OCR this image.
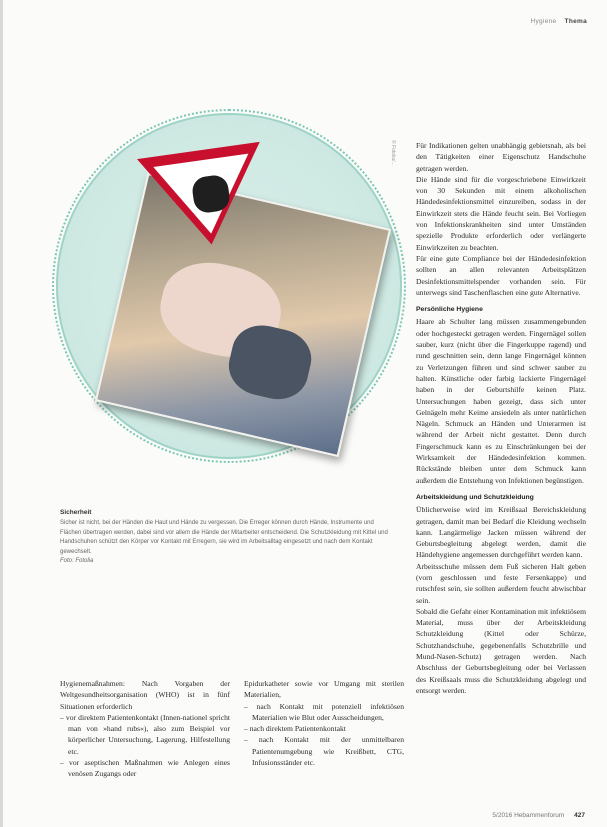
Hygiene Thema
© Fotolia/...
Sicherheit
Sicher ist nicht, bei der Händen die Haut und Hände zu vergessen. Die Erreger können durch Hände, Instrumente und Flächen übertragen werden, dabei sind vor allem die Hände der Mitarbeiter entscheidend. Die Schutzkleidung mit Kittel und Handschuhen schützt den Körper vor Kontakt mit Erregern, sie wird im Arbeitsalltag eingesetzt und nach dem Kontakt gewechselt.
Foto: Fotolia

Für Indikationen gelten unabhängig gebietsnah, als bei den Tätigkeiten einer Eigenschutz Handschuhe getragen werden.

Die Hände sind für die vorgeschriebene Einwirkzeit von 30 Sekunden mit einem alkoholischen Händedesinfektionsmittel einzureiben, sodass in der Einwirkzeit stets die Hände feucht sein. Bei Vorliegen von Infektionskrankheiten sind unter Umständen spezielle Produkte erforderlich oder verlängerte Einwirkzeiten zu beachten.

Für eine gute Compliance bei der Händedesinfektion sollten an allen relevanten Arbeitsplätzen Desinfektionsmittelspender vorhanden sein. Für unterwegs sind Taschenflaschen eine gute Alternative.

Persönliche Hygiene

Haare ab Schulter lang müssen zusammengebunden oder hochgesteckt getragen werden. Fingernägel sollen sauber, kurz (nicht über die Fingerkuppe ragend) und rund geschnitten sein, denn lange Fingernägel können zu Verletzungen führen und sind schwer sauber zu halten. Künstliche oder farbig lackierte Fingernägel haben in der Geburtshilfe keinen Platz. Untersuchungen haben gezeigt, dass sich unter Gelnägeln mehr Keime ansiedeln als unter natürlichen Nägeln. Schmuck an Händen und Unterarmen ist während der Arbeit nicht gestattet. Denn durch Fingerschmuck kann es zu Einschränkungen bei der Wirksamkeit der Händedesinfektion kommen. Rückstände bleiben unter dem Schmuck kann außerdem die Entstehung von Infektionen begünstigen.

Arbeitskleidung und Schutzkleidung

Üblicherweise wird im Kreißsaal Bereichskleidung getragen, damit man bei Bedarf die Kleidung wechseln kann. Langärmelige Jacken müssen während der Geburtsbegleitung abgelegt werden, damit die Händehygiene angemessen durchgeführt werden kann.

Arbeitsschuhe müssen dem Fuß sicheren Halt geben (vorn geschlossen und feste Fersenkappe) und rutschfest sein, sie sollten außerdem feucht abwischbar sein.

Sobald die Gefahr einer Kontamination mit infektiösem Material, muss über der Arbeitskleidung Schutzkleidung (Kittel oder Schürze, Schutzhandschuhe, gegebenenfalls Schutzbrille und Mund-Nasen-Schutz) getragen werden. Nach Abschluss der Geburtsbegleitung oder bei Verlassen des Kreißsaals muss die Schutzkleidung abgelegt und entsorgt werden.

Hygienemaßnahmen: Nach Vorgaben der Weltgesundheitsorganisation (WHO) ist in fünf Situationen erforderlich

– vor direktem Patientenkontakt (Innen-nationel spricht man von »hand rubs«), also zum Beispiel vor körperlicher Untersuchung, Lagerung, Hilfestellung etc.
– vor aseptischen Maßnahmen wie Anlegen eines venösen Zugangs oder

Epidurkatheter sowie vor Umgang mit sterilen Materialien,

– nach Kontakt mit potenziell infektiösen Materialien wie Blut oder Ausscheidungen,
– nach direktem Patientenkontakt
– nach Kontakt mit der unmittelbaren Patientenumgebung wie Kreißbett, CTG, Infusionsständer etc.
5/2016 Hebammenforum 427
